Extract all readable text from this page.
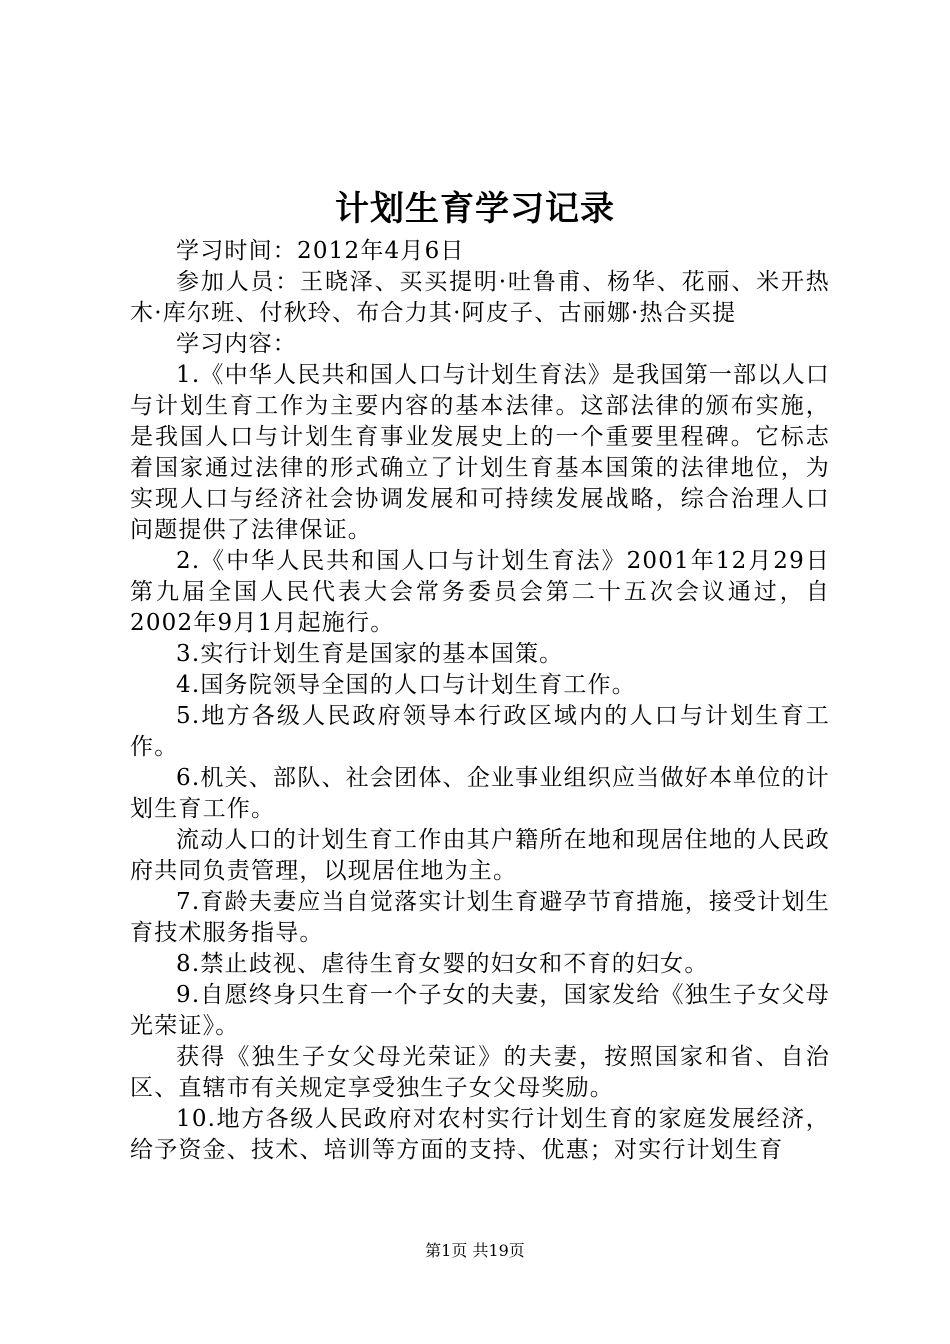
计划生育学习记录

学习时间：2012年4月6日

参加人员：王晓泽、买买提明·吐鲁甫、杨华、花丽、米开热木·库尔班、付秋玲、布合力其·阿皮子、古丽娜·热合买提

学习内容：

1.《中华人民共和国人口与计划生育法》是我国第一部以人口与计划生育工作为主要内容的基本法律。这部法律的颁布实施，是我国人口与计划生育事业发展史上的一个重要里程碑。它标志着国家通过法律的形式确立了计划生育基本国策的法律地位，为实现人口与经济社会协调发展和可持续发展战略，综合治理人口问题提供了法律保证。

2.《中华人民共和国人口与计划生育法》2001年12月29日第九届全国人民代表大会常务委员会第二十五次会议通过，自2002年9月1月起施行。

3.实行计划生育是国家的基本国策。

4.国务院领导全国的人口与计划生育工作。

5.地方各级人民政府领导本行政区域内的人口与计划生育工作。

6.机关、部队、社会团体、企业事业组织应当做好本单位的计划生育工作。

流动人口的计划生育工作由其户籍所在地和现居住地的人民政府共同负责管理，以现居住地为主。

7.育龄夫妻应当自觉落实计划生育避孕节育措施，接受计划生育技术服务指导。

8.禁止歧视、虐待生育女婴的妇女和不育的妇女。

9.自愿终身只生育一个子女的夫妻，国家发给《独生子女父母光荣证》。

获得《独生子女父母光荣证》的夫妻，按照国家和省、自治区、直辖市有关规定享受独生子女父母奖励。

10.地方各级人民政府对农村实行计划生育的家庭发展经济，给予资金、技术、培训等方面的支持、优惠；对实行计划生育

第1页 共19页
